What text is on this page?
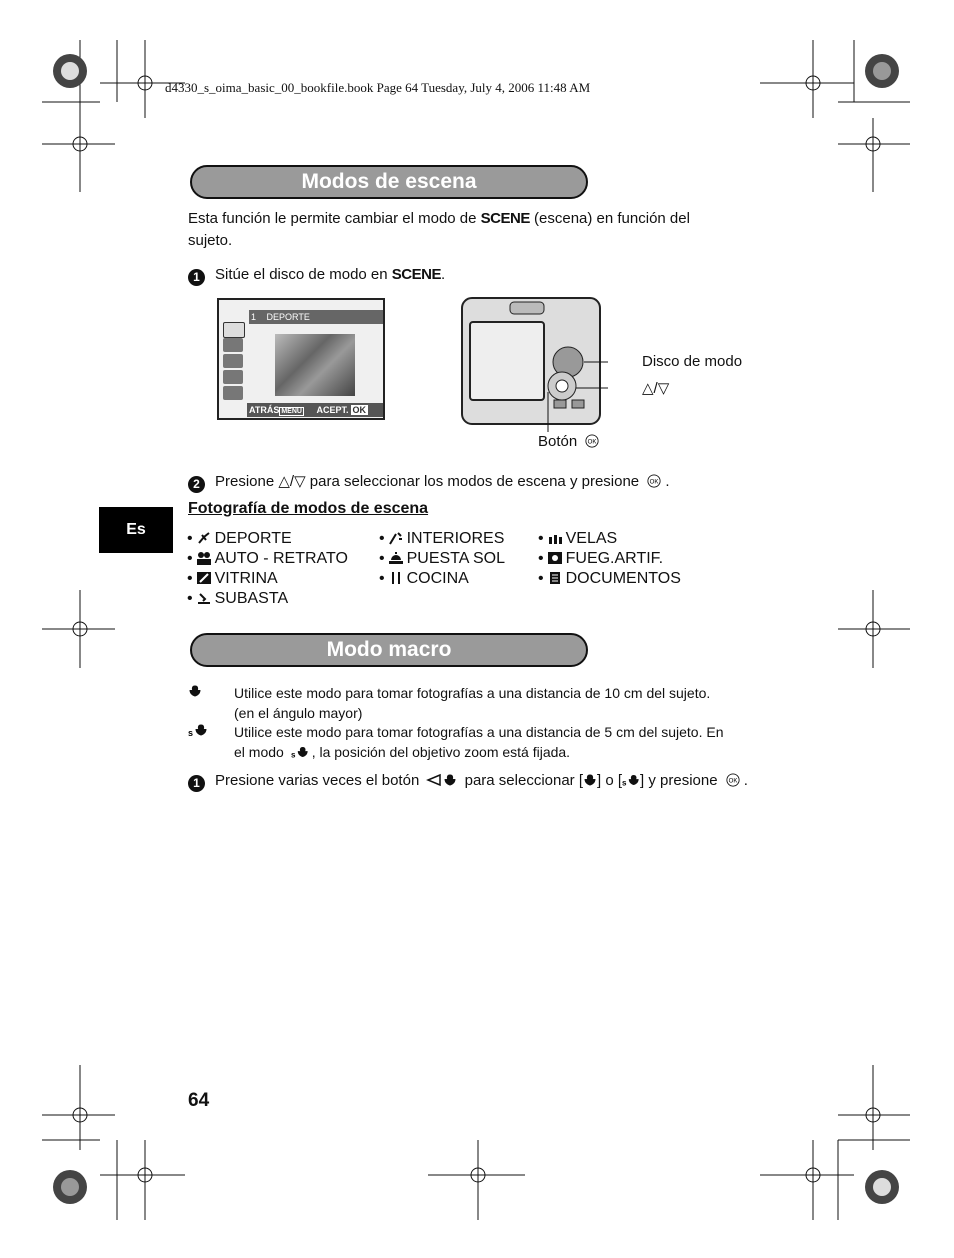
d4330_s_oima_basic_00_bookfile.book Page 64 Tuesday, July 4, 2006 11:48 AM
Modos de escena
Esta función le permite cambiar el modo de SCENE (escena) en función del
sujeto.
1 Sitúe el disco de modo en SCENE.
1 DEPORTE
ATRÁS MENU ACEPT. OK
Disco de modo
△/▽
Botón OK
2 Presione △/▽ para seleccionar los modos de escena y presione OK .
Es
Fotografía de modos de escena
• DEPORTE
• AUTO - RETRATO
• VITRINA
• SUBASTA
• INTERIORES
• PUESTA SOL
• COCINA
• VELAS
• FUEG.ARTIF.
• DOCUMENTOS
Modo macro
Utilice este modo para tomar fotografías a una distancia de 10 cm del sujeto.
(en el ángulo mayor)
s	Utilice este modo para tomar fotografías a una distancia de 5 cm del sujeto. En
el modo s , la posición del objetivo zoom está fijada.
1 Presione varias veces el botón  para seleccionar [ ] o [ s ] y presione OK .
64
